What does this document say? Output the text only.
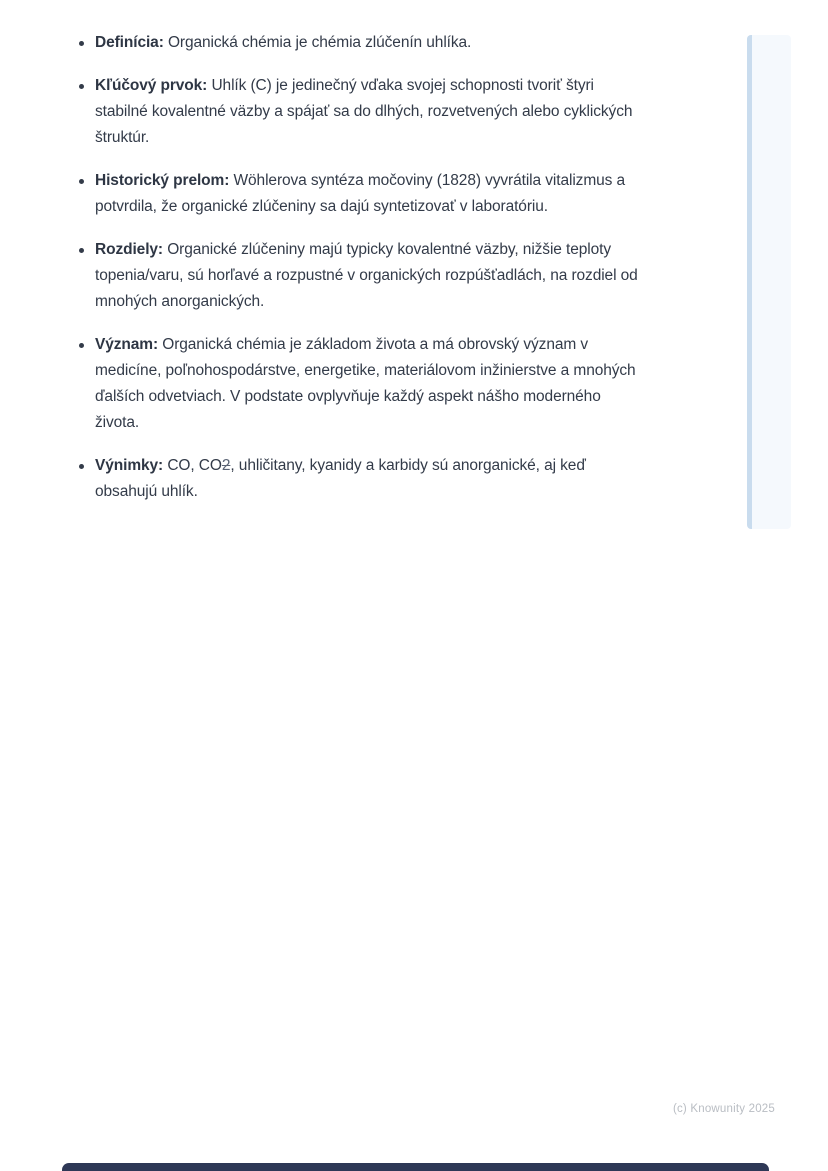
Definícia: Organická chémia je chémia zlúčenín uhlíka.
Kľúčový prvok: Uhlík (C) je jedinečný vďaka svojej schopnosti tvoriť štyri stabilné kovalentné väzby a spájať sa do dlhých, rozvetvených alebo cyklických štruktúr.
Historický prelom: Wöhlerova syntéza močoviny (1828) vyvrátila vitalizmus a potvrdila, že organické zlúčeniny sa dajú syntetizovať v laboratóriu.
Rozdiely: Organické zlúčeniny majú typicky kovalentné väzby, nižšie teploty topenia/varu, sú horľavé a rozpustné v organických rozpúšťadlách, na rozdiel od mnohých anorganických.
Význam: Organická chémia je základom života a má obrovský význam v medicíne, poľnohospodárstve, energetike, materiálovom inžinierstve a mnohých ďalších odvetviach. V podstate ovplyvňuje každý aspekt nášho moderného života.
Výnimky: CO, CO2, uhličitany, kyanidy a karbidy sú anorganické, aj keď obsahujú uhlík.
(c) Knowunity 2025
